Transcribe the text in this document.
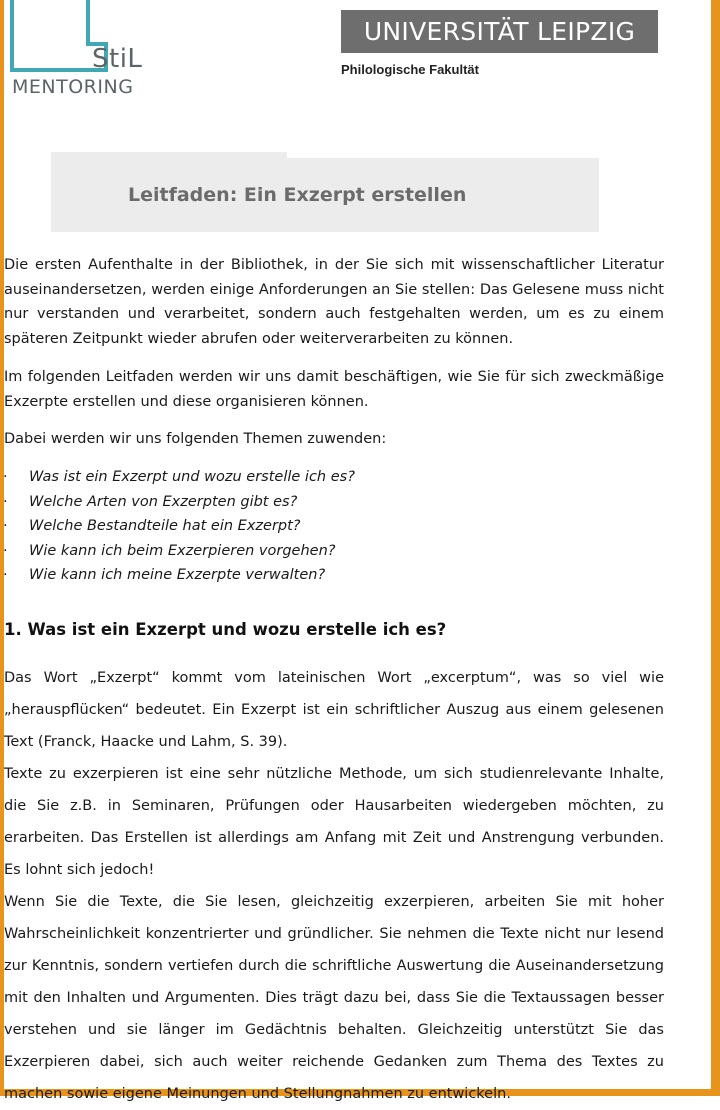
StiL
MENTORING
UNIVERSITÄT LEIPZIG
Philologische Fakultät
Leitfaden: Ein Exzerpt erstellen

Die ersten Aufenthalte in der Bibliothek, in der Sie sich mit wissenschaftlicher Literatur auseinandersetzen, werden einige Anforderungen an Sie stellen: Das Gelesene muss nicht nur verstanden und verarbeitet, sondern auch festgehalten werden, um es zu einem späteren Zeitpunkt wieder abrufen oder weiterverarbeiten zu können.

Im folgenden Leitfaden werden wir uns damit beschäftigen, wie Sie für sich zweckmäßige Exzerpte erstellen und diese organisieren können.

Dabei werden wir uns folgenden Themen zuwenden:

· Was ist ein Exzerpt und wozu erstelle ich es?
· Welche Arten von Exzerpten gibt es?
· Welche Bestandteile hat ein Exzerpt?
· Wie kann ich beim Exzerpieren vorgehen?
· Wie kann ich meine Exzerpte verwalten?
1. Was ist ein Exzerpt und wozu erstelle ich es?

Das Wort „Exzerpt“ kommt vom lateinischen Wort „excerptum“, was so viel wie „herauspflücken“ bedeutet. Ein Exzerpt ist ein schriftlicher Auszug aus einem gelesenen Text (Franck, Haacke und Lahm, S. 39).

Texte zu exzerpieren ist eine sehr nützliche Methode, um sich studienrelevante Inhalte, die Sie z.B. in Seminaren, Prüfungen oder Hausarbeiten wiedergeben möchten, zu erarbeiten. Das Erstellen ist allerdings am Anfang mit Zeit und Anstrengung verbunden. Es lohnt sich jedoch!

Wenn Sie die Texte, die Sie lesen, gleichzeitig exzerpieren, arbeiten Sie mit hoher Wahrscheinlichkeit konzentrierter und gründlicher. Sie nehmen die Texte nicht nur lesend zur Kenntnis, sondern vertiefen durch die schriftliche Auswertung die Auseinandersetzung mit den Inhalten und Argumenten. Dies trägt dazu bei, dass Sie die Textaussagen besser verstehen und sie länger im Gedächtnis behalten. Gleichzeitig unterstützt Sie das Exzerpieren dabei, sich auch weiter reichende Gedanken zum Thema des Textes zu machen sowie eigene Meinungen und Stellungnahmen zu entwickeln.
